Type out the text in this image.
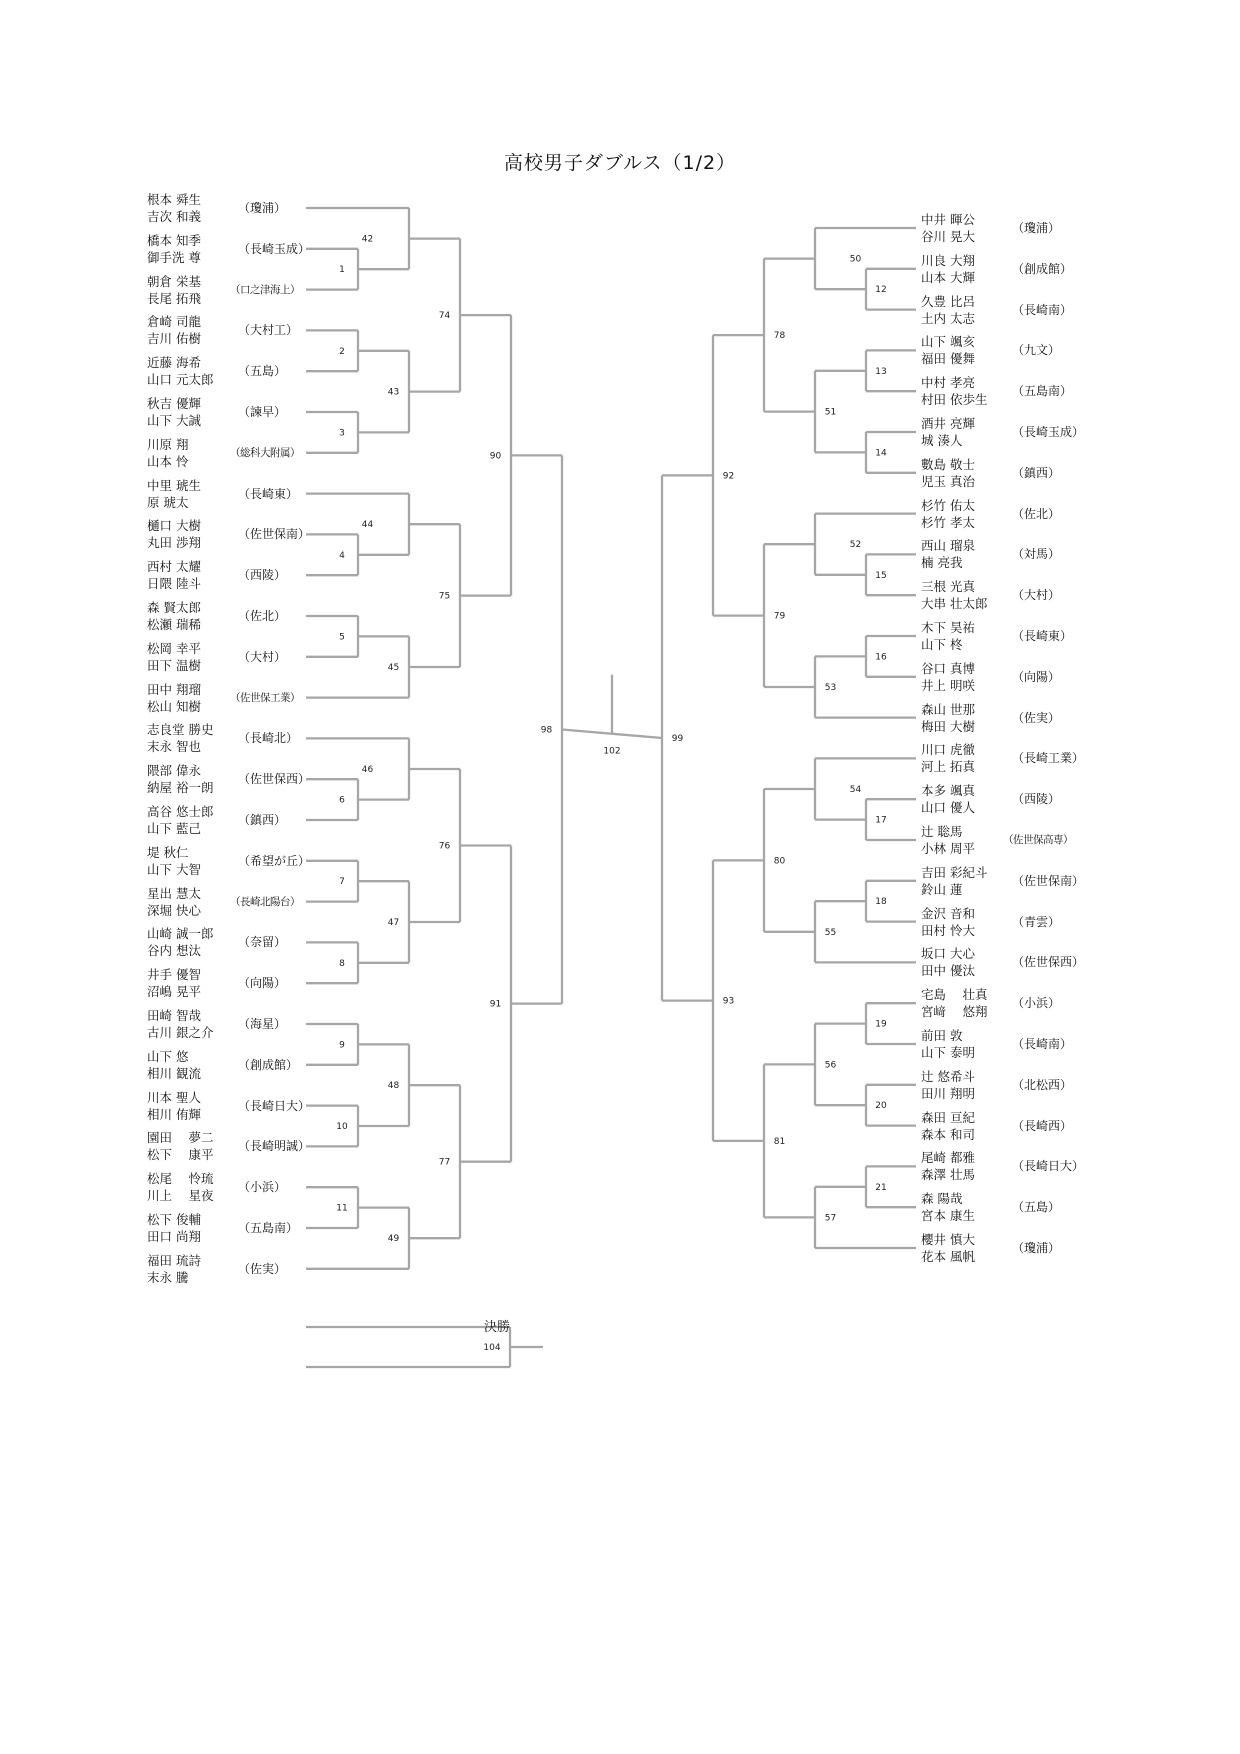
高校男子ダブルス（1/2）
1
42
2
3
43
74
4
44
5
45
75
90
6
46
7
8
47
76
9
10
48
11
49
77
91
98
12
50
13
14
51
78
15
52
16
53
79
92
17
54
18
55
80
19
20
56
21
57
81
93
99
102
104
根本 舜生
吉次 和義
（瓊浦）
橋本 知季
御手洗 尊
（長崎玉成）
朝倉 栄基
長尾 拓飛
（口之津海上）
倉崎 司龍
吉川 佑樹
（大村工）
近藤 海希
山口 元太郎
（五島）
秋吉 優輝
山下 大誠
（諫早）
川原 翔
山本 怜
（総科大附属）
中里 琥生
原 琥太
（長崎東）
樋口 大樹
丸田 渉翔
（佐世保南）
西村 太耀
日隈 陸斗
（西陵）
森 賢太郎
松瀬 瑞稀
（佐北）
松岡 幸平
田下 温樹
（大村）
田中 翔瑠
松山 知樹
（佐世保工業）
志良堂 勝史
末永 智也
（長崎北）
隈部 偉永
納屋 裕一朗
（佐世保西）
高谷 悠士郎
山下 藍己
（鎮西）
堤 秋仁
山下 大智
（希望が丘）
星出 慧太
深堀 快心
（長崎北陽台）
山崎 誠一郎
谷内 想汰
（奈留）
井手 優智
沼嶋 晃平
（向陽）
田崎 智哉
古川 銀之介
（海星）
山下 悠
相川 観流
（創成館）
川本 聖人
相川 侑輝
（長崎日大）
園田　 夢二
松下　 康平
（長崎明誠）
松尾　 怜琉
川上　 星夜
（小浜）
松下 俊輔
田口 尚翔
（五島南）
福田 琉詩
末永 騰
（佐実）
中井 暉公
谷川 晃大
（瓊浦）
川良 大翔
山本 大輝
（創成館）
久豊 比呂
土内 太志
（長崎南）
山下 颯亥
福田 優舞
（九文）
中村 孝亮
村田 依歩生
（五島南）
酒井 亮輝
城 湊人
（長崎玉成）
數島 敬士
児玉 真治
（鎮西）
杉竹 佑太
杉竹 孝太
（佐北）
西山 瑠泉
楠 亮我
（対馬）
三根 光真
大串 壮太郎
（大村）
木下 昊祐
山下 柊
（長崎東）
谷口 真博
井上 明咲
（向陽）
森山 世那
梅田 大樹
（佐実）
川口 虎徹
河上 拓真
（長崎工業）
本多 颯真
山口 優人
（西陵）
辻 聡馬
小林 周平
（佐世保高専）
吉田 彩紀斗
鈴山 蓮
（佐世保南）
金沢 音和
田村 怜大
（青雲）
坂口 大心
田中 優汰
（佐世保西）
宅島　 壮真
宮﨑　 悠翔
（小浜）
前田 敦
山下 泰明
（長崎南）
辻 悠希斗
田川 翔明
（北松西）
森田 亘紀
森本 和司
（長崎西）
尾崎 都雅
森澤 壮馬
（長崎日大）
森 陽哉
宮本 康生
（五島）
櫻井 慎大
花本 風帆
（瓊浦）
決勝
